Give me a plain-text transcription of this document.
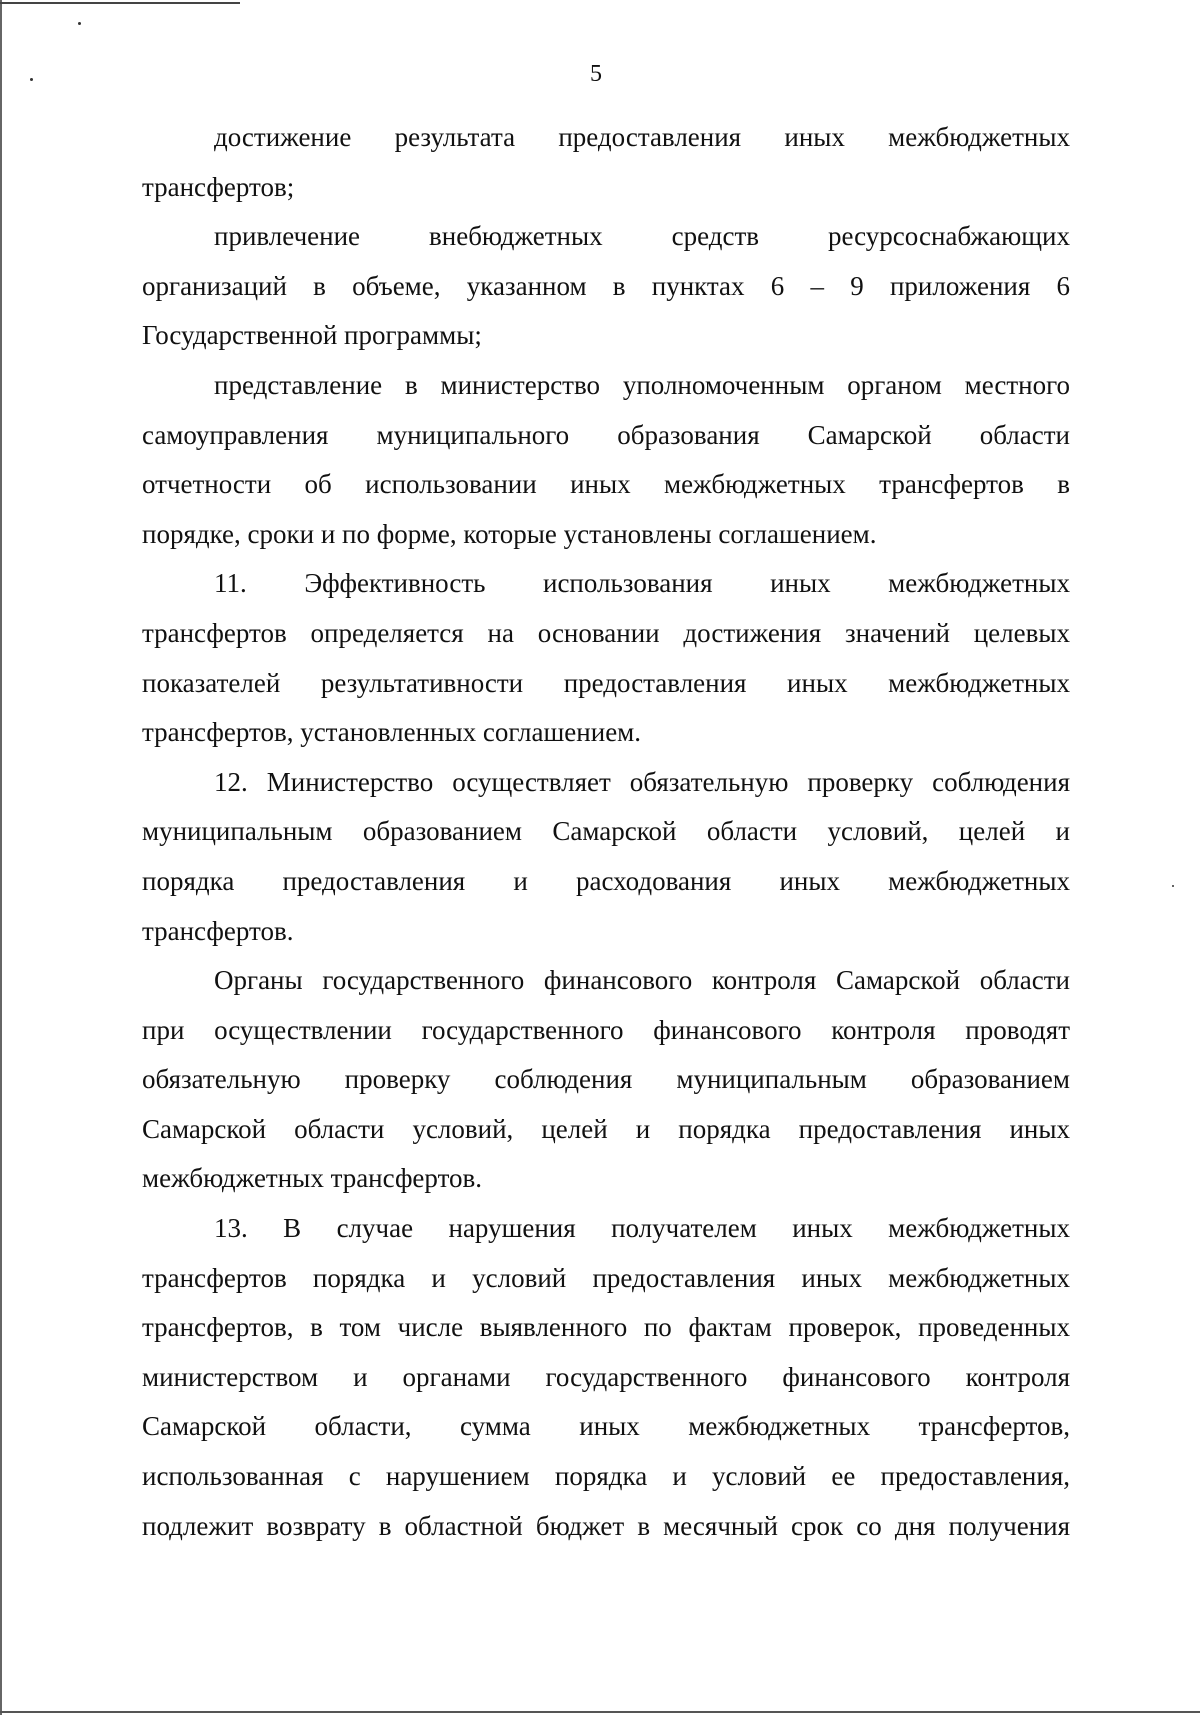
5

достижение результата предоставления иных межбюджетных
трансфертов;

привлечение внебюджетных средств ресурсоснабжающих
организаций в объеме, указанном в пунктах 6 – 9 приложения 6
Государственной программы;

представление в министерство уполномоченным органом местного
самоуправления муниципального образования Самарской области
отчетности об использовании иных межбюджетных трансфертов в
порядке, сроки и по форме, которые установлены соглашением.

11. Эффективность использования иных межбюджетных
трансфертов определяется на основании достижения значений целевых
показателей результативности предоставления иных межбюджетных
трансфертов, установленных соглашением.

12. Министерство осуществляет обязательную проверку соблюдения
муниципальным образованием Самарской области условий, целей и
порядка предоставления и расходования иных межбюджетных
трансфертов.

Органы государственного финансового контроля Самарской области
при осуществлении государственного финансового контроля проводят
обязательную проверку соблюдения муниципальным образованием
Самарской области условий, целей и порядка предоставления иных
межбюджетных трансфертов.

13. В случае нарушения получателем иных межбюджетных
трансфертов порядка и условий предоставления иных межбюджетных
трансфертов, в том числе выявленного по фактам проверок, проведенных
министерством и органами государственного финансового контроля
Самарской области, сумма иных межбюджетных трансфертов,
использованная с нарушением порядка и условий ее предоставления,
подлежит возврату в областной бюджет в месячный срок со дня получения
